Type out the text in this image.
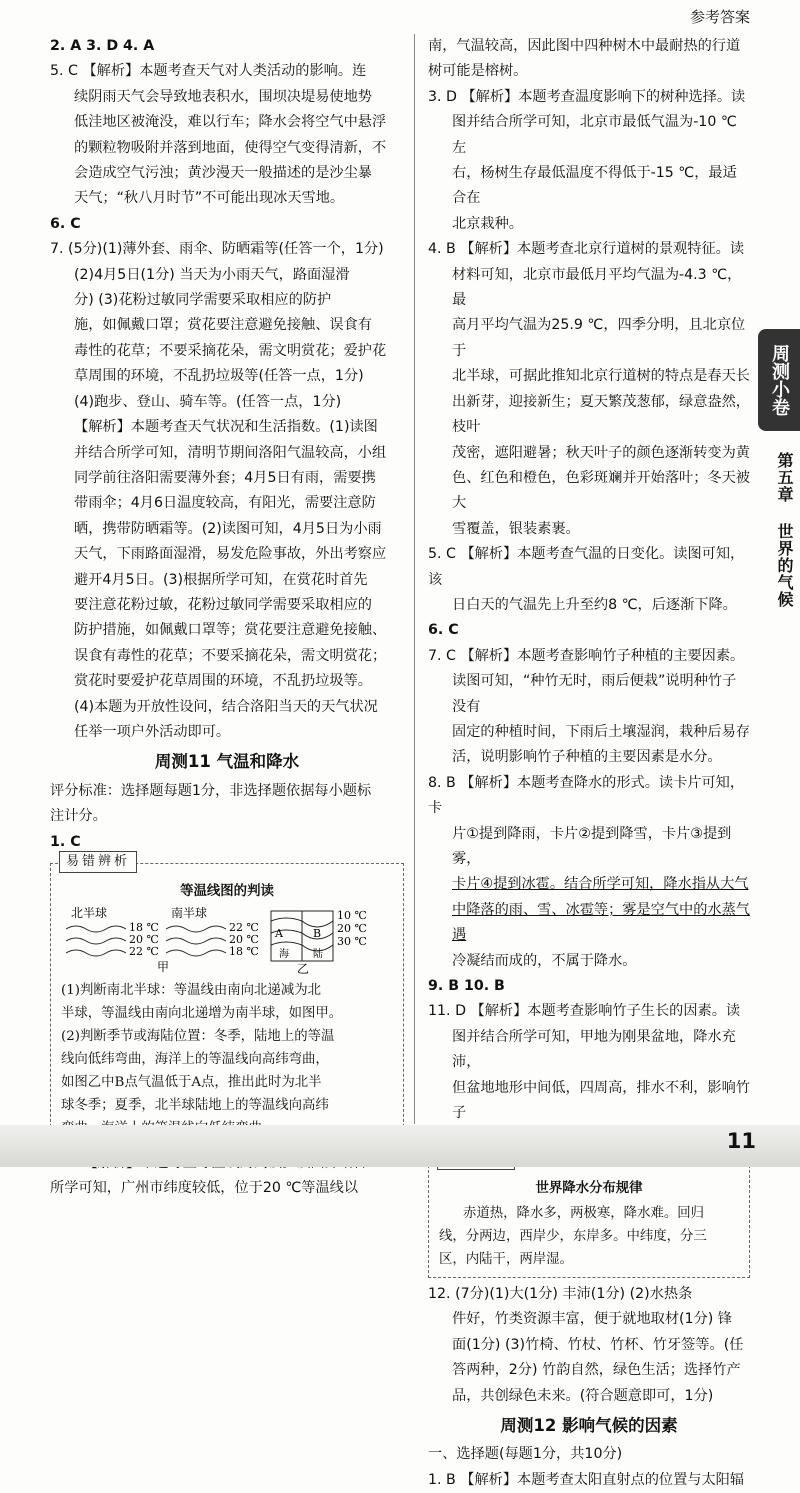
参考答案

2. A 3. D 4. A

5. C 【解析】本题考查天气对人类活动的影响。连

续阴雨天气会导致地表积水，围坝决堤易使地势

低洼地区被淹没，难以行车；降水会将空气中悬浮

的颗粒物吸附并落到地面，使得空气变得清新，不

会造成空气污浊；黄沙漫天一般描述的是沙尘暴

天气；“秋八月时节”不可能出现冰天雪地。

6. C

7. (5分)(1)薄外套、雨伞、防晒霜等(任答一个，1分)

(2)4月5日(1分) 当天为小雨天气，路面湿滑

分) (3)花粉过敏同学需要采取相应的防护

施，如佩戴口罩；赏花要注意避免接触、误食有

毒性的花草；不要采摘花朵，需文明赏花；爱护花

草周围的环境，不乱扔垃圾等(任答一点，1分)

(4)跑步、登山、骑车等。(任答一点，1分)

【解析】本题考查天气状况和生活指数。(1)读图

并结合所学可知，清明节期间洛阳气温较高，小组

同学前往洛阳需要薄外套；4月5日有雨，需要携

带雨伞；4月6日温度较高，有阳光，需要注意防

晒，携带防晒霜等。(2)读图可知，4月5日为小雨

天气，下雨路面湿滑，易发危险事故，外出考察应

避开4月5日。(3)根据所学可知，在赏花时首先

要注意花粉过敏，花粉过敏同学需要采取相应的

防护措施，如佩戴口罩等；赏花要注意避免接触、

误食有毒性的花草；不要采摘花朵，需文明赏花；

赏花时要爱护花草周围的环境，不乱扔垃圾等。

(4)本题为开放性设问，结合洛阳当天的天气状况

任举一项户外活动即可。

周测11 气温和降水

评分标准：选择题每题1分，非选择题依据每小题标

注计分。

1. C

易错辨析
等温线图的判读
北半球
18 ℃
20 ℃
22 ℃
南半球
22 ℃
20 ℃
18 ℃
甲
A	B
海 陆
10 ℃
20 ℃
30 ℃
乙

(1)判断南北半球：等温线由南向北递减为北

半球，等温线由南向北递增为南半球，如图甲。

(2)判断季节或海陆位置：冬季，陆地上的等温

线向低纬弯曲，海洋上的等温线向高纬弯曲，

如图乙中B点气温低于A点，推出此时为北半

球冬季；夏季，北半球陆地上的等温线向高纬

所学可知，广州市纬度较低，位于20 ℃等温线以

南，气温较高，因此图中四种树木中最耐热的行道

树可能是榕树。

3. D 【解析】本题考查温度影响下的树种选择。读

图并结合所学可知，北京市最低气温为-10 ℃左

右，杨树生存最低温度不得低于-15 ℃，最适合在

北京栽种。

4. B 【解析】本题考查北京行道树的景观特征。读

材料可知，北京市最低月平均气温为-4.3 ℃，最

高月平均气温为25.9 ℃，四季分明，且北京位于

北半球，可据此推知北京行道树的特点是春天长

出新芽，迎接新生；夏天繁茂葱郁，绿意盎然，枝叶

茂密，遮阳避暑；秋天叶子的颜色逐渐转变为黄

色、红色和橙色，色彩斑斓并开始落叶；冬天被大

雪覆盖，银装素裹。

5. C 【解析】本题考查气温的日变化。读图可知，该

日白天的气温先上升至约8 ℃，后逐渐下降。

6. C

7. C 【解析】本题考查影响竹子种植的主要因素。

读图可知，“种竹无时，雨后便栽”说明种竹子没有

固定的种植时间，下雨后土壤湿润，栽种后易存

活，说明影响竹子种植的主要因素是水分。

8. B 【解析】本题考查降水的形式。读卡片可知，卡

片①提到降雨，卡片②提到降雪，卡片③提到雾，

卡片④提到冰雹。结合所学可知，降水指从大气

中降落的雨、雪、冰雹等；雾是空气中的水蒸气遇

冷凝结而成的，不属于降水。

9. B 10. B

11. D 【解析】本题考查影响竹子生长的因素。读

图并结合所学可知，甲地为刚果盆地，降水充沛，

但盆地地形中间低，四周高，排水不利，影响竹子

世界降水分布规律

赤道热，降水多，两极寒，降水难。回归

线，分两边，西岸少，东岸多。中纬度，分三

区，内陆干，两岸湿。

12. (7分)(1)大(1分) 丰沛(1分) (2)水热条

件好，竹类资源丰富，便于就地取材(1分) 锋

面(1分) (3)竹椅、竹杖、竹杯、竹牙签等。(任

答两种，2分) 竹韵自然，绿色生活；选择竹产

品，共创绿色未来。(符合题意即可，1分)

周测12 影响气候的因素

一、选择题(每题1分，共10分)

1. B 【解析】本题考查太阳直射点的位置与太阳辐

周测小卷
第五章 世界的气候
11
